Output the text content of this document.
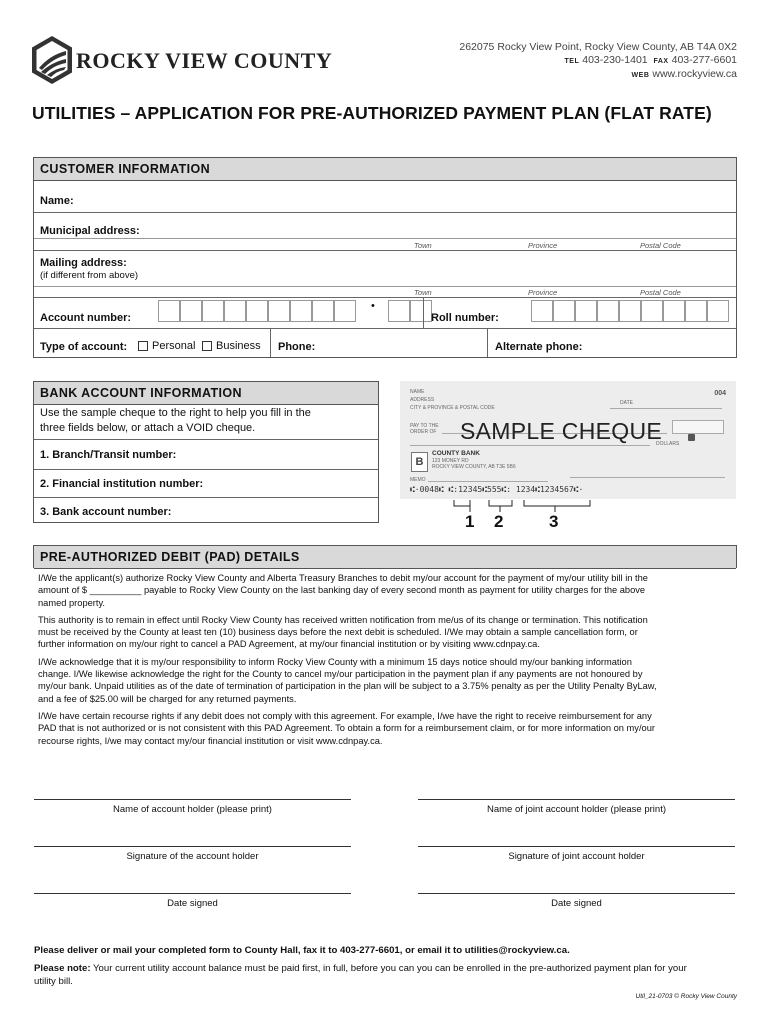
ROCKY VIEW COUNTY
262075 Rocky View Point, Rocky View County, AB T4A 0X2
TEL 403-230-1401 FAX 403-277-6601
WEB www.rockyview.ca
UTILITIES – APPLICATION FOR PRE-AUTHORIZED PAYMENT PLAN (FLAT RATE)
CUSTOMER INFORMATION
Name:
Municipal address:
Town	Province	Postal Code
Mailing address:
(if different from above)
Town	Province	Postal Code
Account number:
•
Roll number:
Type of account: Personal Business Phone:	Alternate phone:
BANK ACCOUNT INFORMATION
Use the sample cheque to the right to help you fill in the
three fields below, or attach a VOID cheque.
1. Branch/Transit number:
2. Financial institution number:
3. Bank account number:
NAME
ADDRESS
CITY & PROVINCE & POSTAL CODE
004
DATE
PAY TO THE
ORDER OF SAMPLE CHEQUE
DOLLARS
B
COUNTY BANK
123 MONEY RD
ROCKY VIEW COUNTY, AB T3E 5B6
MEMO
⑆·0048⑆ ⑆:12345⑆555⑆: 1234⑆1234567⑆·
1 2	3
PRE-AUTHORIZED DEBIT (PAD) DETAILS
I/We the applicant(s) authorize Rocky View County and Alberta Treasury Branches to debit my/our account for the payment of my/our utility bill in the
amount of $ __________ payable to Rocky View County on the last banking day of every second month as payment for utility charges for the above
named property.
This authority is to remain in effect until Rocky View County has received written notification from me/us of its change or termination. This notification
must be received by the County at least ten (10) business days before the next debit is scheduled. I/We may obtain a sample cancellation form, or
further information on my/our right to cancel a PAD Agreement, at my/our financial institution or by visiting www.cdnpay.ca.
I/We acknowledge that it is my/our responsibility to inform Rocky View County with a minimum 15 days notice should my/our banking information
change. I/We likewise acknowledge the right for the County to cancel my/our participation in the payment plan if any payments are not honoured by
my/our bank. Unpaid utilities as of the date of termination of participation in the plan will be subject to a 3.75% penalty as per the Utility Penalty ByLaw,
and a fee of $25.00 will be charged for any returned payments.
I/We have certain recourse rights if any debit does not comply with this agreement. For example, I/we have the right to receive reimbursement for any
PAD that is not authorized or is not consistent with this PAD Agreement. To obtain a form for a reimbursement claim, or for more information on my/our
recourse rights, I/we may contact my/our financial institution or visit www.cdnpay.ca.
Name of account holder (please print)	Name of joint account holder (please print)
Signature of the account holder	Signature of joint account holder
Date signed	Date signed
Please deliver or mail your completed form to County Hall, fax it to 403-277-6601, or email it to utilities@rockyview.ca.
Please note: Your current utility account balance must be paid first, in full, before you can you can be enrolled in the pre-authorized payment plan for your
utility bill.
Util_21-0703 © Rocky View County
